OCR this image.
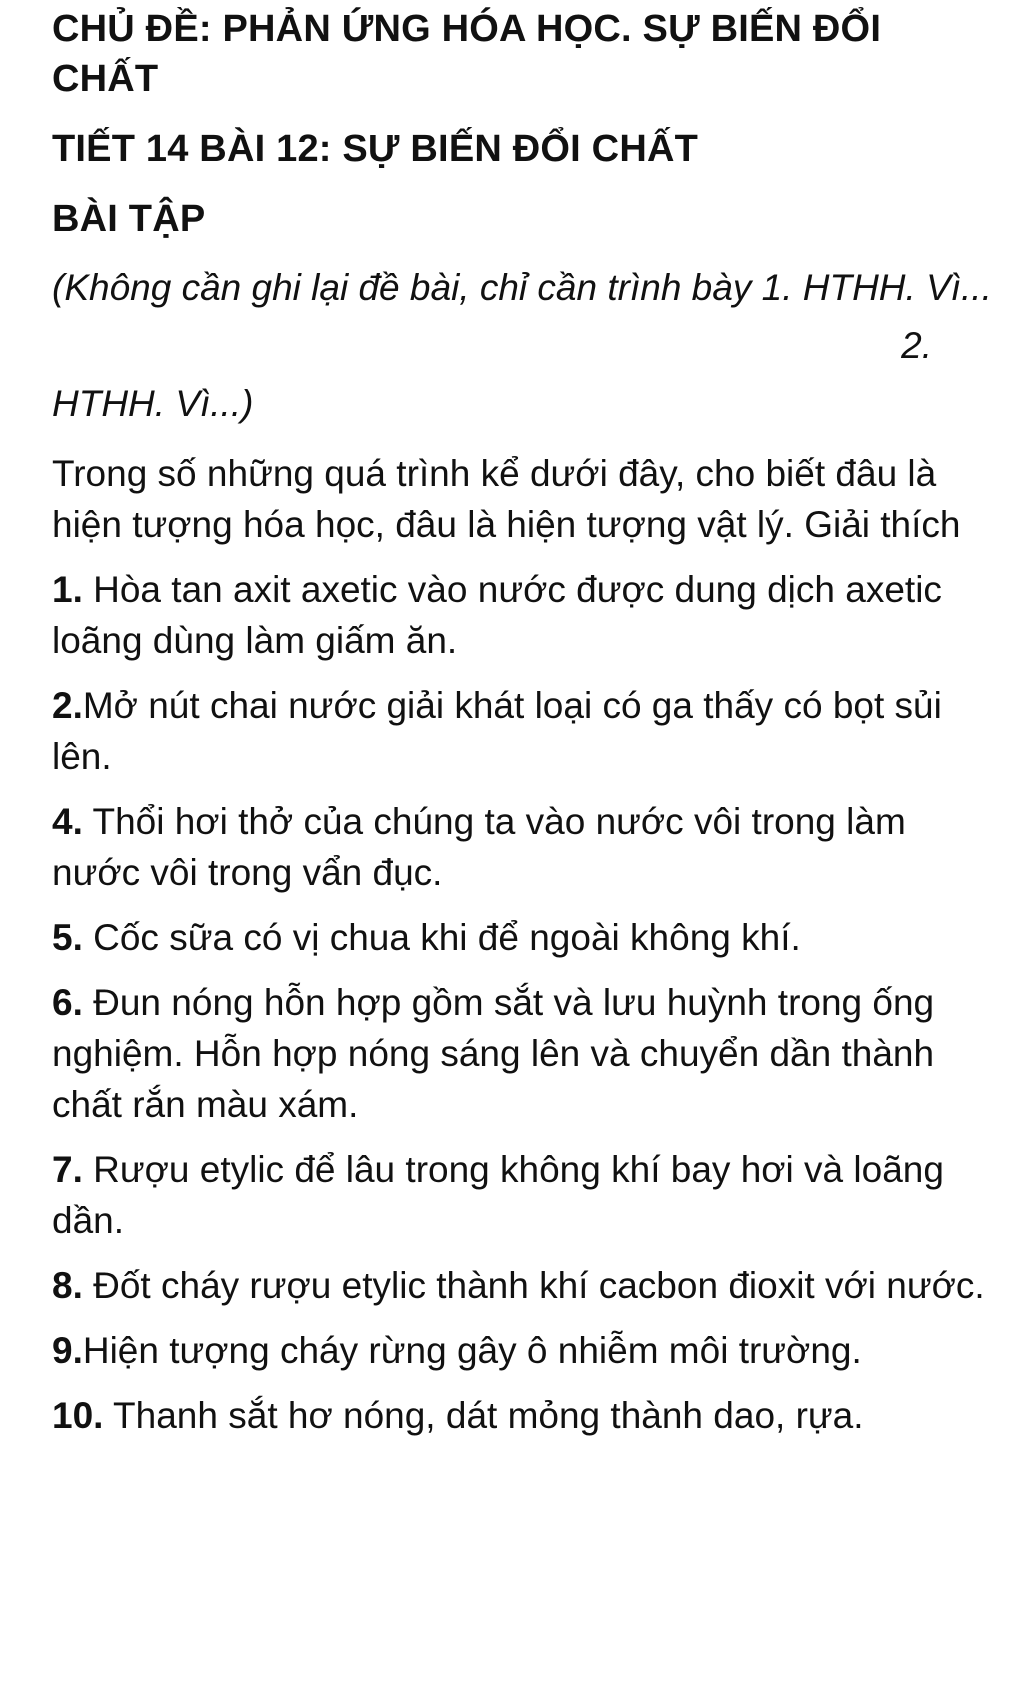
CHỦ ĐỀ: PHẢN ỨNG HÓA HỌC. SỰ BIẾN ĐỔI CHẤT

TIẾT 14 BÀI 12: SỰ BIẾN ĐỔI CHẤT

BÀI TẬP

(Không cần ghi lại đề bài, chỉ cần trình bày 1. HTHH. Vì...

2.

HTHH. Vì...)

Trong số những quá trình kể dưới đây, cho biết đâu là hiện tượng hóa học, đâu là hiện tượng vật lý. Giải thích

1. Hòa tan axit axetic vào nước được dung dịch axetic loãng dùng làm giấm ăn.

2.Mở nút chai nước giải khát loại có ga thấy có bọt sủi lên.

4. Thổi hơi thở của chúng ta vào nước vôi trong làm nước vôi trong vẩn đục.

5. Cốc sữa có vị chua khi để ngoài không khí.

6. Đun nóng hỗn hợp gồm sắt và lưu huỳnh trong ống nghiệm. Hỗn hợp nóng sáng lên và chuyển dần thành chất rắn màu xám.

7. Rượu etylic để lâu trong không khí bay hơi và loãng dần.

8. Đốt cháy rượu etylic thành khí cacbon đioxit với nước.

9.Hiện tượng cháy rừng gây ô nhiễm môi trường.

10. Thanh sắt hơ nóng, dát mỏng thành dao, rựa.
